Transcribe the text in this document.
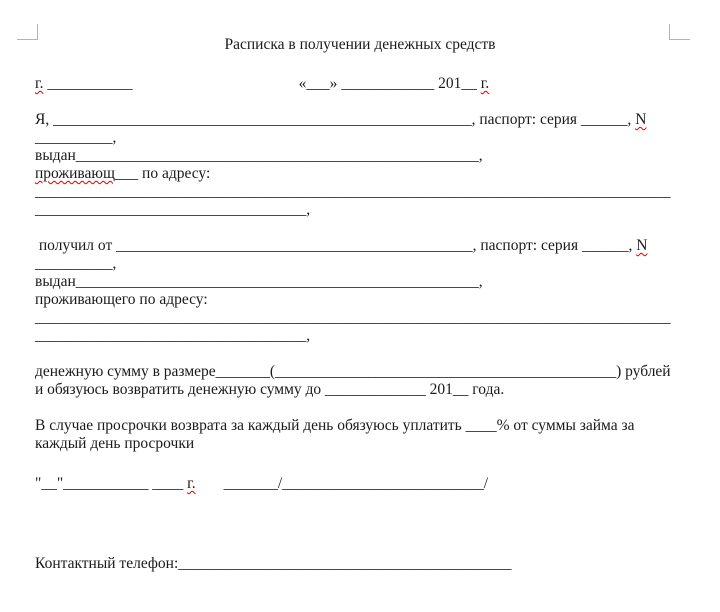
Расписка в получении денежных средств
г. ___________	«___» ____________ 201__ г.
Я, ______________________________________________________, паспорт: серия ______, N
__________,
выдан____________________________________________________,
проживающ___ по адресу:
__________________________________________________________________________________
___________________________________,
получил от ______________________________________________, паспорт: серия ______, N
__________,
выдан____________________________________________________,
проживающего по адресу:
__________________________________________________________________________________
___________________________________,
денежную сумму в размере_______(____________________________________________) рублей
и обязуюсь возвратить денежную сумму до _____________ 201__ года.
В случае просрочки возврата за каждый день обязуюсь уплатить ____% от суммы займа за
каждый день просрочки
"__"___________ ____ г. _______/__________________________/
Контактный телефон:___________________________________________
